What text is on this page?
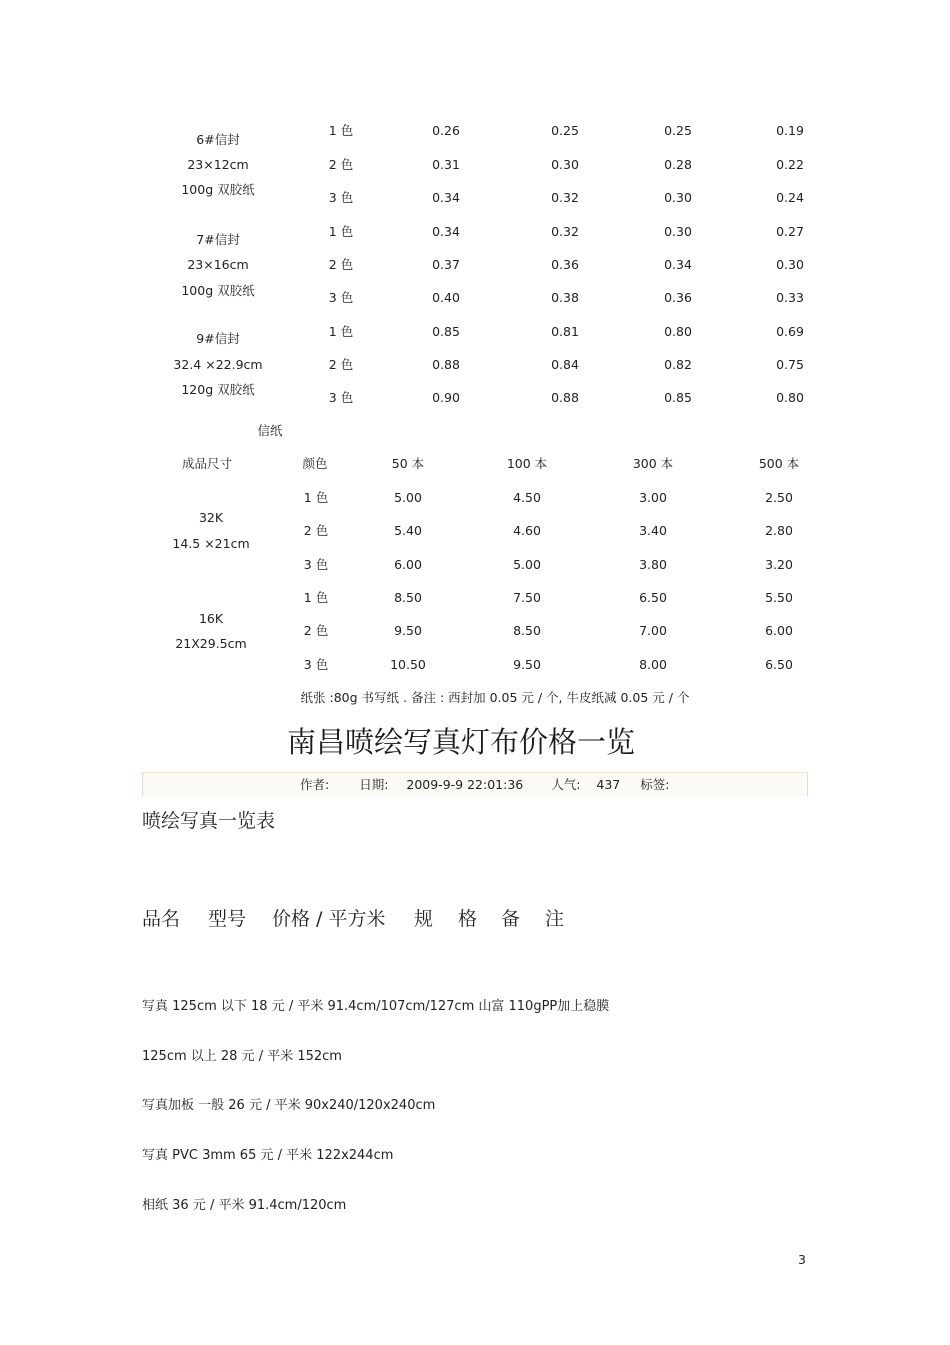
6#信封
23×12cm
100g 双胶纸
1 色	0.26	0.25	0.25	0.19
2 色	0.31	0.30	0.28	0.22
3 色	0.34	0.32	0.30	0.24
7#信封
23×16cm
100g 双胶纸
1 色	0.34	0.32	0.30	0.27
2 色	0.37	0.36	0.34	0.30
3 色	0.40	0.38	0.36	0.33
9#信封
32.4 ×22.9cm
120g 双胶纸
1 色	0.85	0.81	0.80	0.69
2 色	0.88	0.84	0.82	0.75
3 色	0.90	0.88	0.85	0.80
信纸
成品尺寸	颜色	50 本	100 本	300 本	500 本
32K
14.5 ×21cm
1 色	5.00	4.50	3.00	2.50
2 色	5.40	4.60	3.40	2.80
3 色	6.00	5.00	3.80	3.20
16K
21X29.5cm
1 色	8.50	7.50	6.50	5.50
2 色	9.50	8.50	7.00	6.00
3 色	10.50	9.50	8.00	6.50
纸张 :80g 书写纸 . 备注 : 西封加 0.05 元 / 个, 牛皮纸减 0.05 元 / 个
南昌喷绘写真灯布价格一览
作者: 日期: 2009-9-9 22:01:36 人气: 437 标签:
喷绘写真一览表
品名 型号 价格 / 平方米 规 格 备 注
写真 125cm 以下 18 元 / 平米 91.4cm/107cm/127cm 山富 110gPP加上稳膜
125cm 以上 28 元 / 平米 152cm
写真加板 一般 26 元 / 平米 90x240/120x240cm
写真 PVC 3mm 65 元 / 平米 122x244cm
相纸 36 元 / 平米 91.4cm/120cm
3
